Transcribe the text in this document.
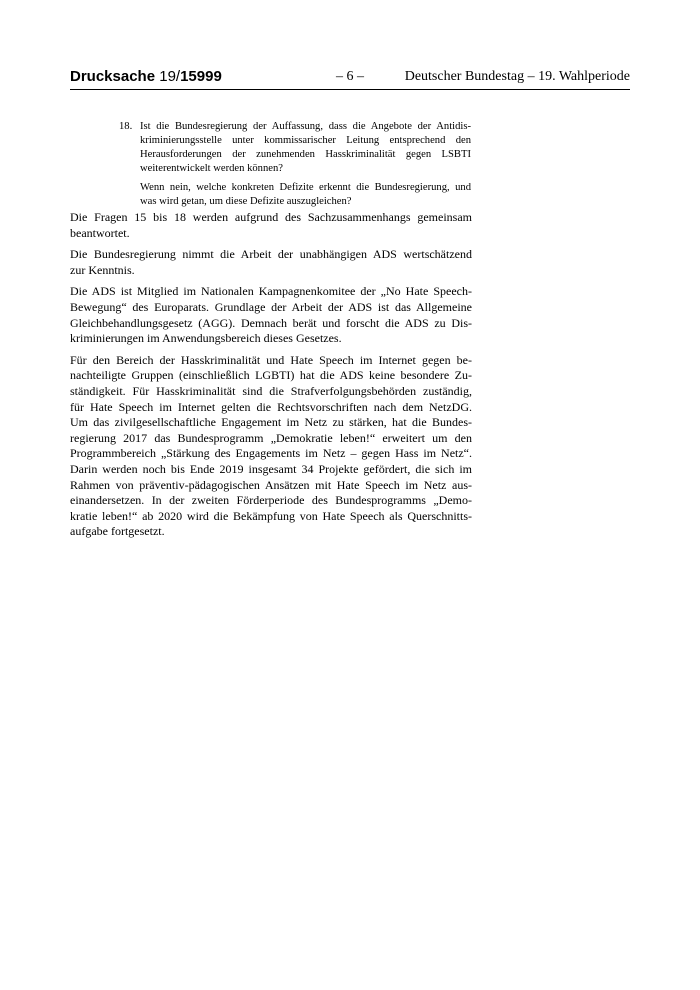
Drucksache 19/15999	– 6 –	Deutscher Bundestag – 19. Wahlperiode
18. Ist die Bundesregierung der Auffassung, dass die Angebote der Antidis-
kriminierungsstelle unter kommissarischer Leitung entsprechend den
Herausforderungen der zunehmenden Hasskriminalität gegen LSBTI
weiterentwickelt werden können?
Wenn nein, welche konkreten Defizite erkennt die Bundesregierung, und
was wird getan, um diese Defizite auszugleichen?

Die Fragen 15 bis 18 werden aufgrund des Sachzusammenhangs gemeinsam
beantwortet.

Die Bundesregierung nimmt die Arbeit der unabhängigen ADS wertschätzend
zur Kenntnis.

Die ADS ist Mitglied im Nationalen Kampagnenkomitee der „No Hate Speech-
Bewegung“ des Europarats. Grundlage der Arbeit der ADS ist das Allgemeine
Gleichbehandlungsgesetz (AGG). Demnach berät und forscht die ADS zu Dis-
kriminierungen im Anwendungsbereich dieses Gesetzes.

Für den Bereich der Hasskriminalität und Hate Speech im Internet gegen be-
nachteiligte Gruppen (einschließlich LGBTI) hat die ADS keine besondere Zu-
ständigkeit. Für Hasskriminalität sind die Strafverfolgungsbehörden zuständig,
für Hate Speech im Internet gelten die Rechtsvorschriften nach dem NetzDG.
Um das zivilgesellschaftliche Engagement im Netz zu stärken, hat die Bundes-
regierung 2017 das Bundesprogramm „Demokratie leben!“ erweitert um den
Programmbereich „Stärkung des Engagements im Netz – gegen Hass im Netz“.
Darin werden noch bis Ende 2019 insgesamt 34 Projekte gefördert, die sich im
Rahmen von präventiv-pädagogischen Ansätzen mit Hate Speech im Netz aus-
einandersetzen. In der zweiten Förderperiode des Bundesprogramms „Demo-
kratie leben!“ ab 2020 wird die Bekämpfung von Hate Speech als Querschnitts-
aufgabe fortgesetzt.
